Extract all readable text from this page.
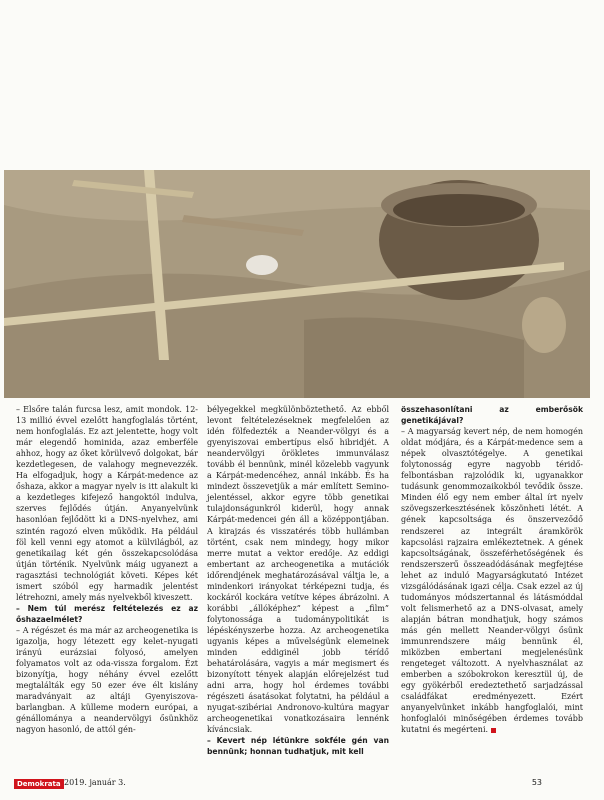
Cellofoto/Shutterstock.com

– Elsőre talán furcsa lesz, amit mondok. 12-13 millió évvel ezelőtt hangfoglalás történt, nem honfoglalás. Ez azt jelentette, hogy volt már elegendő hominida, azaz emberféle ahhoz, hogy az őket körülvevő dolgokat, bár kezdetlegesen, de valahogy megnevezzék. Ha elfogadjuk, hogy a Kárpát-medence az őshaza, akkor a magyar nyelv is itt alakult ki a kezdetleges kifejező hangoktól indulva, szerves fejlődés útján. Anyanyelvünk hasonlóan fejlődött ki a DNS-nyelvhez, ami szintén ragozó elven működik. Ha például föl kell venni egy atomot a külvilágból, az genetikailag két gén összekapcsolódása útján történik. Nyelvünk máig ugyanezt a ragasztási technológiát követi. Képes két ismert szóból egy harmadik jelentést létrehozni, amely más nyelvekből kiveszett.

– Nem túl merész feltételezés ez az őshazaelmélet?

– A régészet és ma már az archeogenetika is igazolja, hogy létezett egy kelet–nyugati irányú eurázsiai folyosó, amelyen folyamatos volt az oda-vissza forgalom. Ézt bizonyítja, hogy néhány évvel ezelőtt megtalálták egy 50 ezer éve élt kislány maradványait az altáji Gyenyiszova-barlangban. A külleme modern európai, a génállománya a neandervölgyi ősünkhöz nagyon hasonló, de attól gén-

bélyegekkel megkülönböztethető. Az ebből levont feltételezéseknek megfelelően az idén fölfedezték a Neander-völgyi és a gyenyiszovai embertípus első hibridjét. A neandervölgyi örökletes immunválasz tovább él bennünk, minél közelebb vagyunk a Kárpát-medencéhez, annál inkább. És ha mindezt összevetjük a már említett Semino-jelentéssel, akkor egyre több genetikai tulajdonságunkról kiderül, hogy annak Kárpát-medencei gén áll a középpontjában. A kirajzás és visszatérés több hullámban történt, csak nem mindegy, hogy mikor merre mutat a vektor eredője. Az eddigi embertant az archeogenetika a mutációk időrendjének meghatározásával váltja le, a mindenkori irányokat térképezni tudja, és kockáról kockára vetítve képes ábrázolni. A korábbi „állóképhez” képest a „film” folytonossága a tudománypolitikát is lépéskényszerbe hozza. Az archeogenetika ugyanis képes a művelségünk elemeinek minden eddiginél jobb térídő behatárolására, vagyis a már megismert és bizonyított tények alapján előrejelzést tud adni arra, hogy hol érdemes további régészeti ásatásokat folytatni, ha például a nyugat-szibériai Andronovo-kultúra magyar archeogenetikai vonatkozásaira lennénk kíváncsiak.

– Kevert nép létünkre sokféle gén van bennünk; honnan tudhatjuk, mit kell

összehasonlítani az emberősök genetikájával?

– A magyarság kevert nép, de nem homogén oldat módjára, és a Kárpát-medence sem a népek olvasztótégelye. A genetikai folytonosság egyre nagyobb téridő-felbontásban rajzolódik ki, ugyanakkor tudásunk genommozaikokból tevődik össze. Minden élő egy nem ember által írt nyelv szövegszerkesztésének köszönheti létét. A gének kapcsoltsága és önszerveződő rendszerei az integrált áramkörök kapcsolási rajzaira emlékeztetnek. A gének kapcsoltságának, összeférhetőségének és rendszerszerű összeadódásának megfejtése lehet az induló Magyarságkutató Intézet vizsgálódásának igazi célja. Csak ezzel az új tudományos módszertannal és látásmóddal volt felismerhető az a DNS-olvasat, amely alapján bátran mondhatjuk, hogy számos más gén mellett Neander-völgyi ősünk immunrendszere máig bennünk él, miközben embertani megjelenésünk rengeteget változott. A nyelvhasználat az emberben a szóbokrokon keresztül új, de egy gyökérből eredeztethető sarjadzással családfákat eredményezett. Ezért anyanyelvünket inkább hangfoglalói, mint honfoglalói minőségében érdemes tovább kutatni és megérteni.

Demokrata 2019. január 3.	53
